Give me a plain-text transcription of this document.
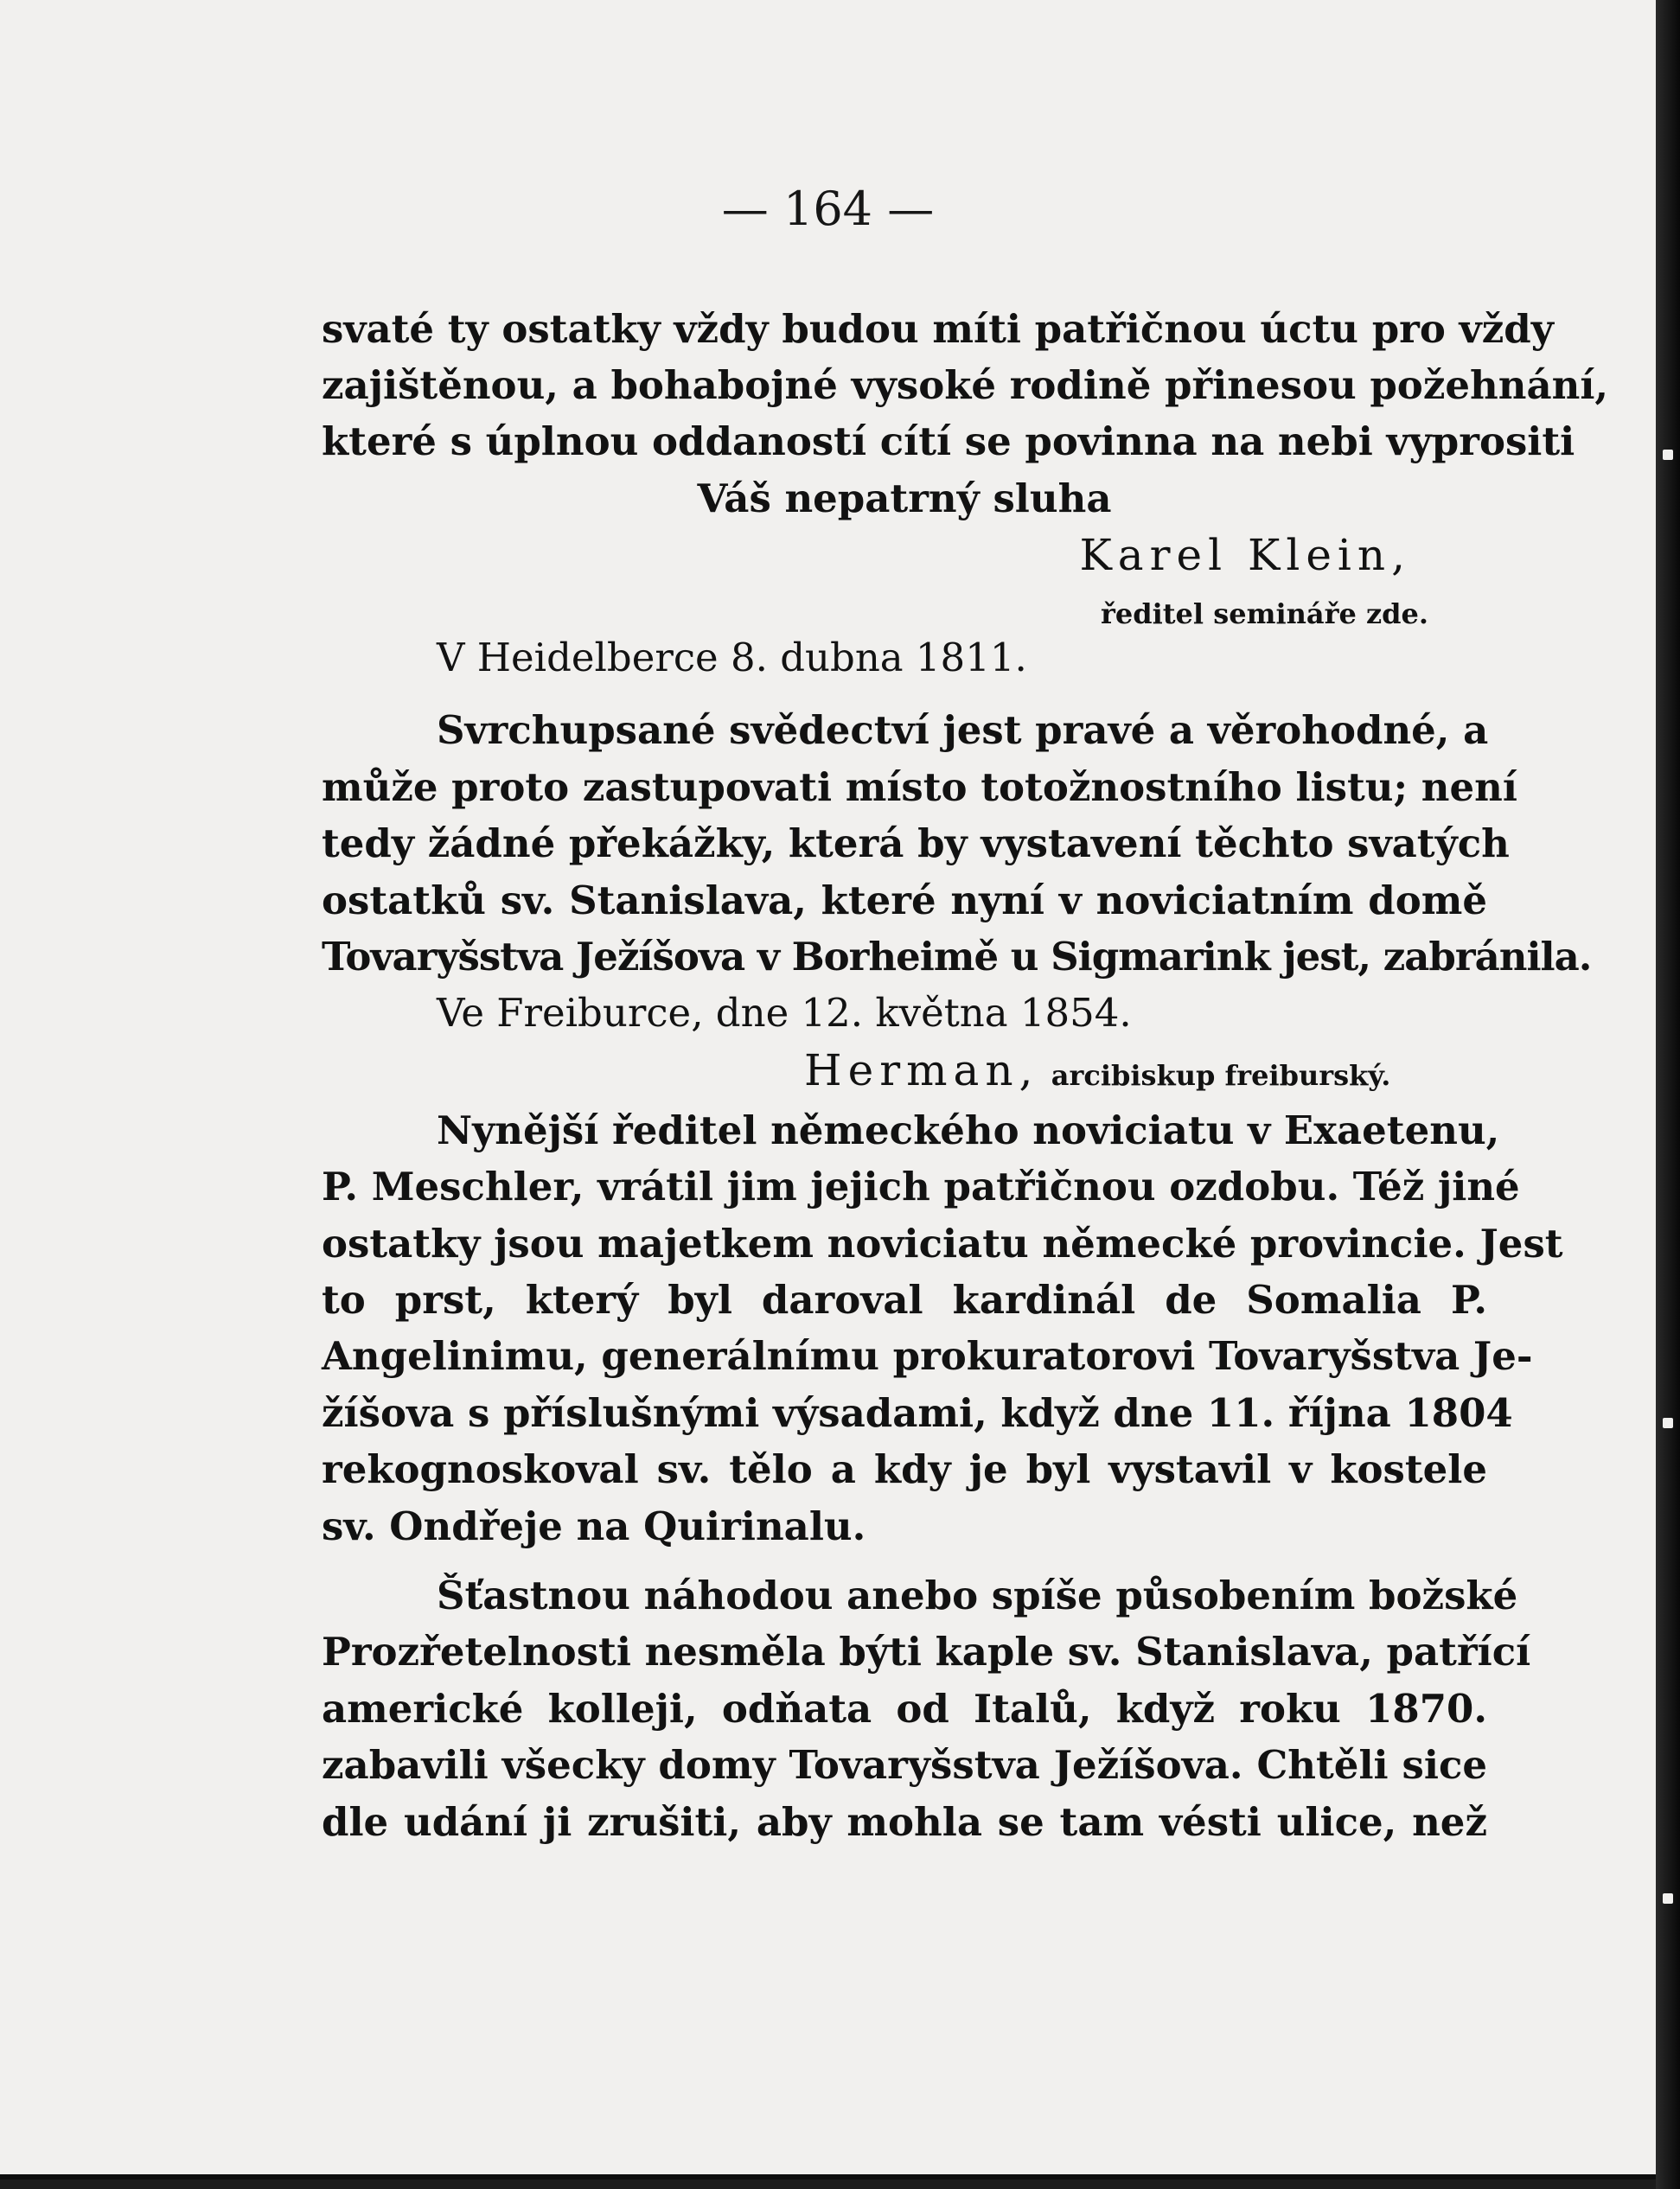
— 164 —
svaté ty ostatky vždy budou míti patřičnou úctu pro vždy
zajištěnou, a bohabojné vysoké rodině přinesou požehnání,
které s úplnou oddaností cítí se povinna na nebi vyprositi
Váš nepatrný sluha
Karel Klein,
ředitel semináře zde.
V Heidelberce 8. dubna 1811.
Svrchupsané svědectví jest pravé a věrohodné, a
může proto zastupovati místo totožnostního listu; není
tedy žádné překážky, která by vystavení těchto svatých
ostatků sv. Stanislava, které nyní v noviciatním domě
Tovaryšstva Ježíšova v Borheimě u Sigmarink jest, zabránila.
Ve Freiburce, dne 12. května 1854.
Herman, arcibiskup freiburský.
Nynější ředitel německého noviciatu v Exaetenu,
P. Meschler, vrátil jim jejich patřičnou ozdobu. Též jiné
ostatky jsou majetkem noviciatu německé provincie. Jest
to prst, který byl daroval kardinál de Somalia P.
Angelinimu, generálnímu prokuratorovi Tovaryšstva Je-
žíšova s příslušnými výsadami, když dne 11. října 1804
rekognoskoval sv. tělo a kdy je byl vystavil v kostele
sv. Ondřeje na Quirinalu.
Šťastnou náhodou anebo spíše působením božské
Prozřetelnosti nesměla býti kaple sv. Stanislava, patřící
americké kolleji, odňata od Italů, když roku 1870.
zabavili všecky domy Tovaryšstva Ježíšova. Chtěli sice
dle udání ji zrušiti, aby mohla se tam vésti ulice, než
